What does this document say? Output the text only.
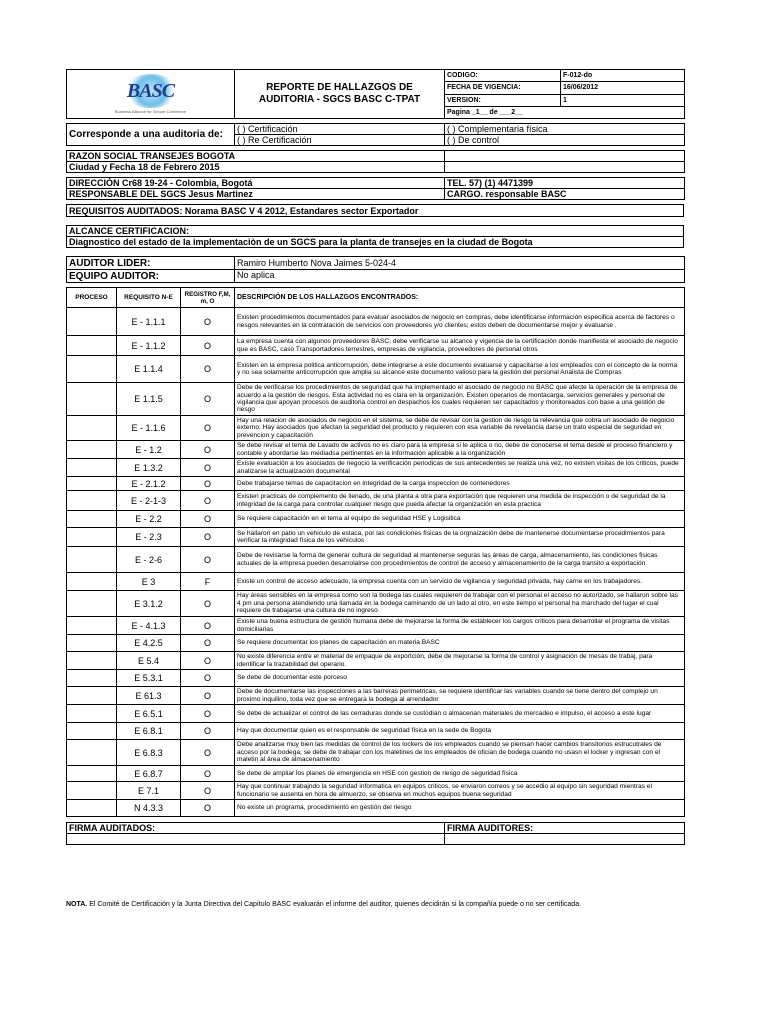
BASC
Business Alliance for Secure Commerce	REPORTE DE HALLAZGOS DE AUDITORIA - SGCS BASC C-TPAT	CODIGO:	F-012-do
		FECHA DE VIGENCIA:	16/06/2012
		VERSION:	1
		Pagina _1__ de ___2__	
Corresponde a una auditoria de:	( ) Certificación	( ) Complementaria física
	( ) Re Certificación	( ) De control
RAZON SOCIAL TRANSEJES BOGOTA	
Ciudad y Fecha 18 de Febrero 2015	
DIRECCIÓN Cr68 19-24 - Colombia, Bogotá	TEL. 57) (1) 4471399
RESPONSABLE DEL SGCS Jesus Martinez	CARGO. responsable BASC
REQUISITOS AUDITADOS: Norama BASC V 4 2012, Estandares sector Exportador
ALCANCE CERTIFICACION:
Diagnostico del estado de la implementaciòn de un SGCS para la planta de transejes en la ciudad de Bogota
AUDITOR LIDER:	Ramiro Humberto Nova Jaimes 5-024-4
EQUIPO AUDITOR:	No aplica
PROCESO	REQUISITO N-E	REGISTRO F,M, m, O	DESCRIPCIÓN DE LOS HALLAZGOS ENCONTRADOS:
	E - 1.1.1	O	Existen procedimientos documentados para evaluar asociados de negocio en compras, debe identificarse información especifica acerca de factores o riesgos relevantes en la contratación de servicios con proveedores y/o clientes; estos deben de documentarse mejor y evaluarse .
	E - 1.1.2	O	La empresa cuenta con algunos proveedores BASC, debe verificarse su alcance y vigencia de la certificación donde manifiesta el asociado de negocio que es BASC, caso Transportadores terrestres, empresas de vigilancia, proveedores de personal otros
	E 1.1.4	O	Existen en la empresa politica anticorrupción, debe integrarse a este documento evaluarse y capacitarse a los empleados con el concepto de la norma y no sea solamente anticorrupción que amplia su alcance este documento valioso para la gestión del personal Analista de Compras
	E 1.1.5	O	Debe de verificarse los procedimientos de seguridad que ha implementado el asociado de negocio no BASC que afecte la operación de la empresa de acuerdo a la gestión de riesgos. Esta actividad no es clara en la organización. Existen operarios de montacarga, servicios generales y personal de vigilancia que apoyan procesos de auditoria control en despachos los cuales requieren ser capacitados y monitoreados con base a una gestión de riesgo
	E - 1.1.6	O	Hay una relacion de asociados de negocio en el sistema, se debe de revisar con la gestion de riesgo la relevancia que cobra un asociado de negoicio externo: Hay asociados que afectan la seguridad del producto y requieren con esa variable de revelancia darse un trato especial de seguridad en prevencion y capacitación
	E - 1.2	O	Se debe revisar el tema de Lavado de activos no es claro para la empresa si le aplica o no, debe de conocerse el tema desde el proceso financiero y contable y abordarse las mediadsa pertinentes en la información aplicable a la organización
	E 1.3.2	O	Existe evaluación a los asociados de negocio la verificación periodicas de sus antecedentes se realiza una vez, no existen visitas de los criticos, puede analizarse la actualización documental
	E - 2.1.2	O	Debe trabajarse temas de capacitacion en integridad de la carga inspeccion de contenedores
	E - 2-1-3	O	Existen practicas de complemento de llenado, de una planta a otra para exportación que requieren una medida de inspección o de seguridad de la integridad de la carga para controlar cualquier riesgo que pueda afectar la organización en esta practica
	E - 2.2	O	Se requiere capacitación en el tema al equipo de seguridad HSE y Logisitica
	E - 2.3	O	Se hallaron en patio un vehiculo de estaca, por las condiciones físicas de la orgnaización debe de mantenerse documentarse procedimientos para verificar la integridad física de los vehículos
	E - 2-6	O	Debe de revisarse la forma de generar cultura de seguridad al mantenerse seguras las áreas de carga, almacenamiento, las condiciones fisicas actuales de la empresa pueden desarrolalrse con procedimientos de control de acceso y almacenamiento de la carga transito a exportación
	E 3	F	Existe un control de acceso adecuado, la empresa cuenta con un servicio de vigilancia y seguridad privada, hay carne en los trabajadores.
	E 3.1.2	O	Hay áreas sensibles en la empresa como son la bodega las cuales requieren de trabajar con el personal el acceso no autorizado, se hallaron sobre las 4 pm una persona atendiendo una llamada en la bodega caminando de un lado al otro, en este tiempo el personal ha marchado del lugar el cual requiere de trabajarse una cultura de no ingreso
	E - 4.1.3	O	Existe una buena estructura de gestión humana debe de mejorarse la forma de establecer los cargos criticos para desarrollar el programa de visitas domiciliarias
	E 4.2.5	O	Se requiere documentar los planes de capacitación en materia BASC
	E 5.4	O	No existe diferencia entre el material de empaque de exportciòn, debe de mejorarse la forma de control y asignación de mesas de trabaj, para identificar la trazabilidad del operario.
	E 5.3.1	O	Se debe de documentar este porceso
	E 61.3	O	Debe de documentarse las inspecciones a las barreras perimetricas, se requiere identificar las variables cuando se tiene dentro del complejo un proximo inquilino, toda vez que se entregara la bodega al arrendador
	E 6.5.1	O	Se debe de actualizar el control de las cerraduras donde se custodian o almacenan materiales de mercadeo e impulso, el acceso a este lugar
	E 6.8.1	O	Hay que documentar quien es el responsable de seguridad física en la sede de Bogota
	E 6.8.3	O	Debe analizarse muy bien las medidas de control de los lockers de los empleados cuando se piensan hacer cambios transitorios estrucutrales de acceso por la bodega, se debe de trabajar con los maletines de los empleados de ofician de bodega cuando no usasn el locker y ingresan con el maletin al área de almacenamiento
	E 6.8.7	O	Se debe de ampliar los planes de emergencia en HSE con gestion de riesgo de seguridad física
	E 7.1	O	Hay que continuar trabajndo la seguridad informatica en equipos criticos, se enviaron correos y se accedio al equipo sin seguridad mientras el funcionario se ausenta en hora de almuerzo, se observa en muchos equipos buena seguridad
	N 4.3.3	O	No existe un programa, procedimiento en gestión del riesgo
FIRMA AUDITADOS:	FIRMA AUDITORES:

NOTA. El Comité de Certificación y la Junta Directiva del Capítulo BASC evaluarán el informe del auditor, quienes decidirán si la compañía puede o no ser certificada.
